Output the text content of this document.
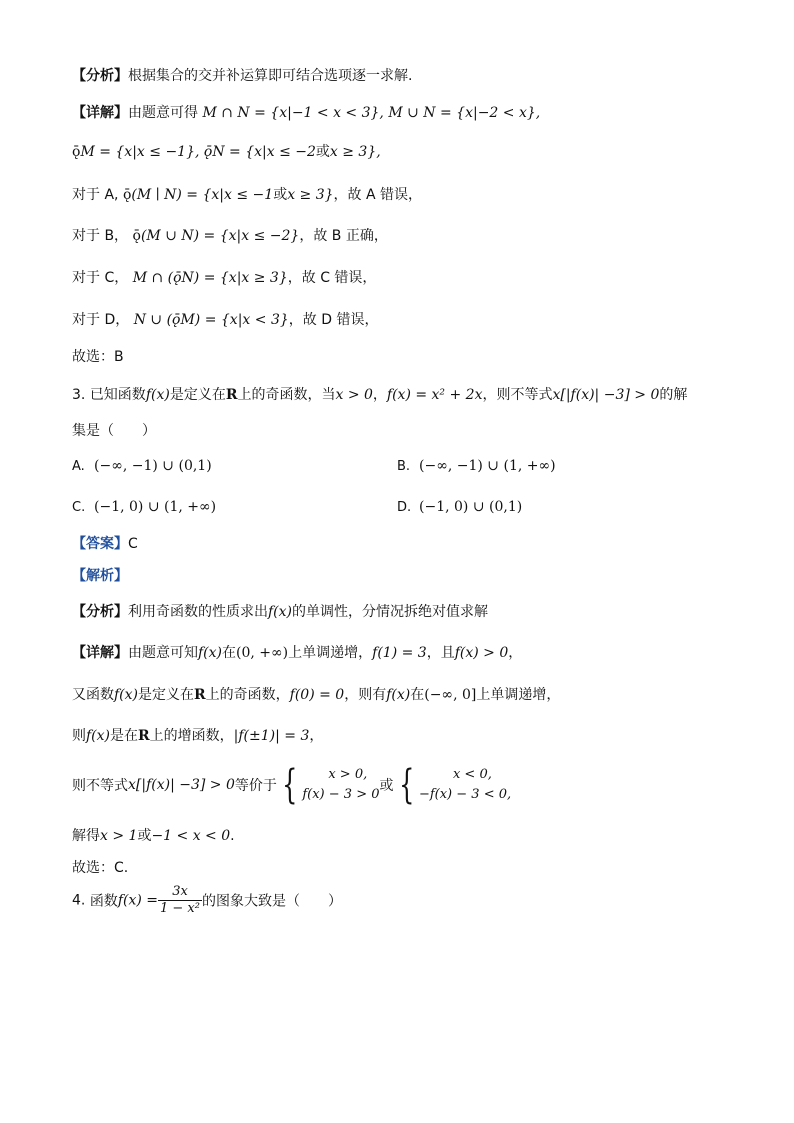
【分析】根据集合的交并补运算即可结合选项逐一求解.
【详解】由题意可得 M ∩ N = {x|−1 < x < 3}, M ∪ N = {x|−2 < x},
ǭM = {x|x ≤ −1}, ǭN = {x|x ≤ −2或x ≥ 3},
对于 A, ǭ(M ∣ N) = {x|x ≤ −1或x ≥ 3}，故 A 错误，
对于 B， ǭ(M ∪ N) = {x|x ≤ −2}，故 B 正确，
对于 C， M ∩ (ǭN) = {x|x ≥ 3}，故 C 错误，
对于 D， N ∪ (ǭM) = {x|x < 3}，故 D 错误，
故选：B
3. 已知函数f(x)是定义在R上的奇函数，当x > 0，f(x) = x² + 2x，则不等式x[|f(x)| −3] > 0的解
集是（　　）
A. (−∞, −1) ∪ (0,1)	B. (−∞, −1) ∪ (1, +∞)
C. (−1, 0) ∪ (1, +∞)	D. (−1, 0) ∪ (0,1)
【答案】C
【解析】
【分析】利用奇函数的性质求出f(x)的单调性，分情况拆绝对值求解
【详解】由题意可知f(x)在(0, +∞)上单调递增，f(1) = 3，且f(x) > 0，
又函数f(x)是定义在R上的奇函数，f(0) = 0，则有f(x)在(−∞, 0]上单调递增，
则f(x)是在R上的增函数，|f(±1)| = 3，
则不等式x[|f(x)| −3] > 0等价于 {	x > 0,
f(x) − 3 > 0
或 {	x < 0,
−f(x) − 3 < 0,
解得x > 1或−1 < x < 0.
故选：C.
4. 函数$f(x) = \frac{3x}{\text{1 − x²}}$ 的图象大致是（　　）
